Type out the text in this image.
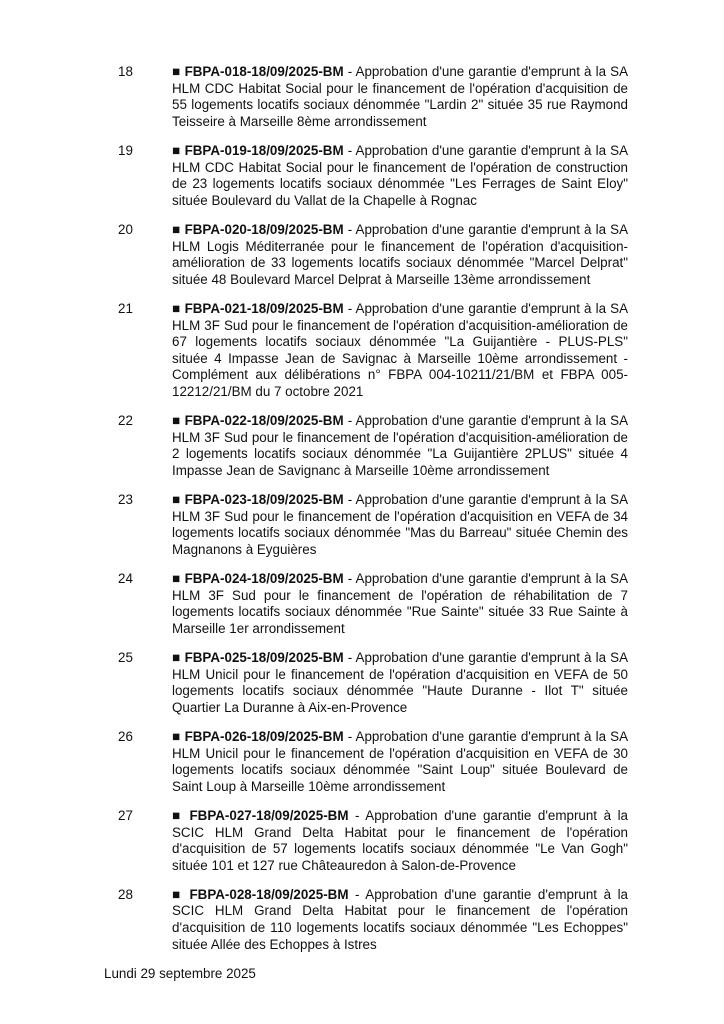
18	■ FBPA-018-18/09/2025-BM - Approbation d'une garantie d'emprunt à la SA HLM CDC Habitat Social pour le financement de l'opération d'acquisition de 55 logements locatifs sociaux dénommée "Lardin 2" située 35 rue Raymond Teisseire à Marseille 8ème arrondissement
19	■ FBPA-019-18/09/2025-BM - Approbation d'une garantie d'emprunt à la SA HLM CDC Habitat Social pour le financement de l'opération de construction de 23 logements locatifs sociaux dénommée "Les Ferrages de Saint Eloy" située Boulevard du Vallat de la Chapelle à Rognac
20	■ FBPA-020-18/09/2025-BM - Approbation d'une garantie d'emprunt à la SA HLM Logis Méditerranée pour le financement de l'opération d'acquisition-amélioration de 33 logements locatifs sociaux dénommée "Marcel Delprat" située 48 Boulevard Marcel Delprat à Marseille 13ème arrondissement
21	■ FBPA-021-18/09/2025-BM - Approbation d'une garantie d'emprunt à la SA HLM 3F Sud pour le financement de l'opération d'acquisition-amélioration de 67 logements locatifs sociaux dénommée "La Guijantière - PLUS-PLS" située 4 Impasse Jean de Savignac à Marseille 10ème arrondissement - Complément aux délibérations n° FBPA 004-10211/21/BM et FBPA 005-12212/21/BM du 7 octobre 2021
22	■ FBPA-022-18/09/2025-BM - Approbation d'une garantie d'emprunt à la SA HLM 3F Sud pour le financement de l'opération d'acquisition-amélioration de 2 logements locatifs sociaux dénommée "La Guijantière 2PLUS" située 4 Impasse Jean de Savignanc à Marseille 10ème arrondissement
23	■ FBPA-023-18/09/2025-BM - Approbation d'une garantie d'emprunt à la SA HLM 3F Sud pour le financement de l'opération d'acquisition en VEFA de 34 logements locatifs sociaux dénommée "Mas du Barreau" située Chemin des Magnanons à Eyguières
24	■ FBPA-024-18/09/2025-BM - Approbation d'une garantie d'emprunt à la SA HLM 3F Sud pour le financement de l'opération de réhabilitation de 7 logements locatifs sociaux dénommée "Rue Sainte" située 33 Rue Sainte à Marseille 1er arrondissement
25	■ FBPA-025-18/09/2025-BM - Approbation d'une garantie d'emprunt à la SA HLM Unicil pour le financement de l'opération d'acquisition en VEFA de 50 logements locatifs sociaux dénommée "Haute Duranne - Ilot T" située Quartier La Duranne à Aix-en-Provence
26	■ FBPA-026-18/09/2025-BM - Approbation d'une garantie d'emprunt à la SA HLM Unicil pour le financement de l'opération d'acquisition en VEFA de 30 logements locatifs sociaux dénommée "Saint Loup" située Boulevard de Saint Loup à Marseille 10ème arrondissement
27	■ FBPA-027-18/09/2025-BM - Approbation d'une garantie d'emprunt à la SCIC HLM Grand Delta Habitat pour le financement de l'opération d'acquisition de 57 logements locatifs sociaux dénommée "Le Van Gogh" située 101 et 127 rue Châteauredon à Salon-de-Provence
28	■ FBPA-028-18/09/2025-BM - Approbation d'une garantie d'emprunt à la SCIC HLM Grand Delta Habitat pour le financement de l'opération d'acquisition de 110 logements locatifs sociaux dénommée "Les Echoppes" située Allée des Echoppes à Istres
Lundi 29 septembre 2025
